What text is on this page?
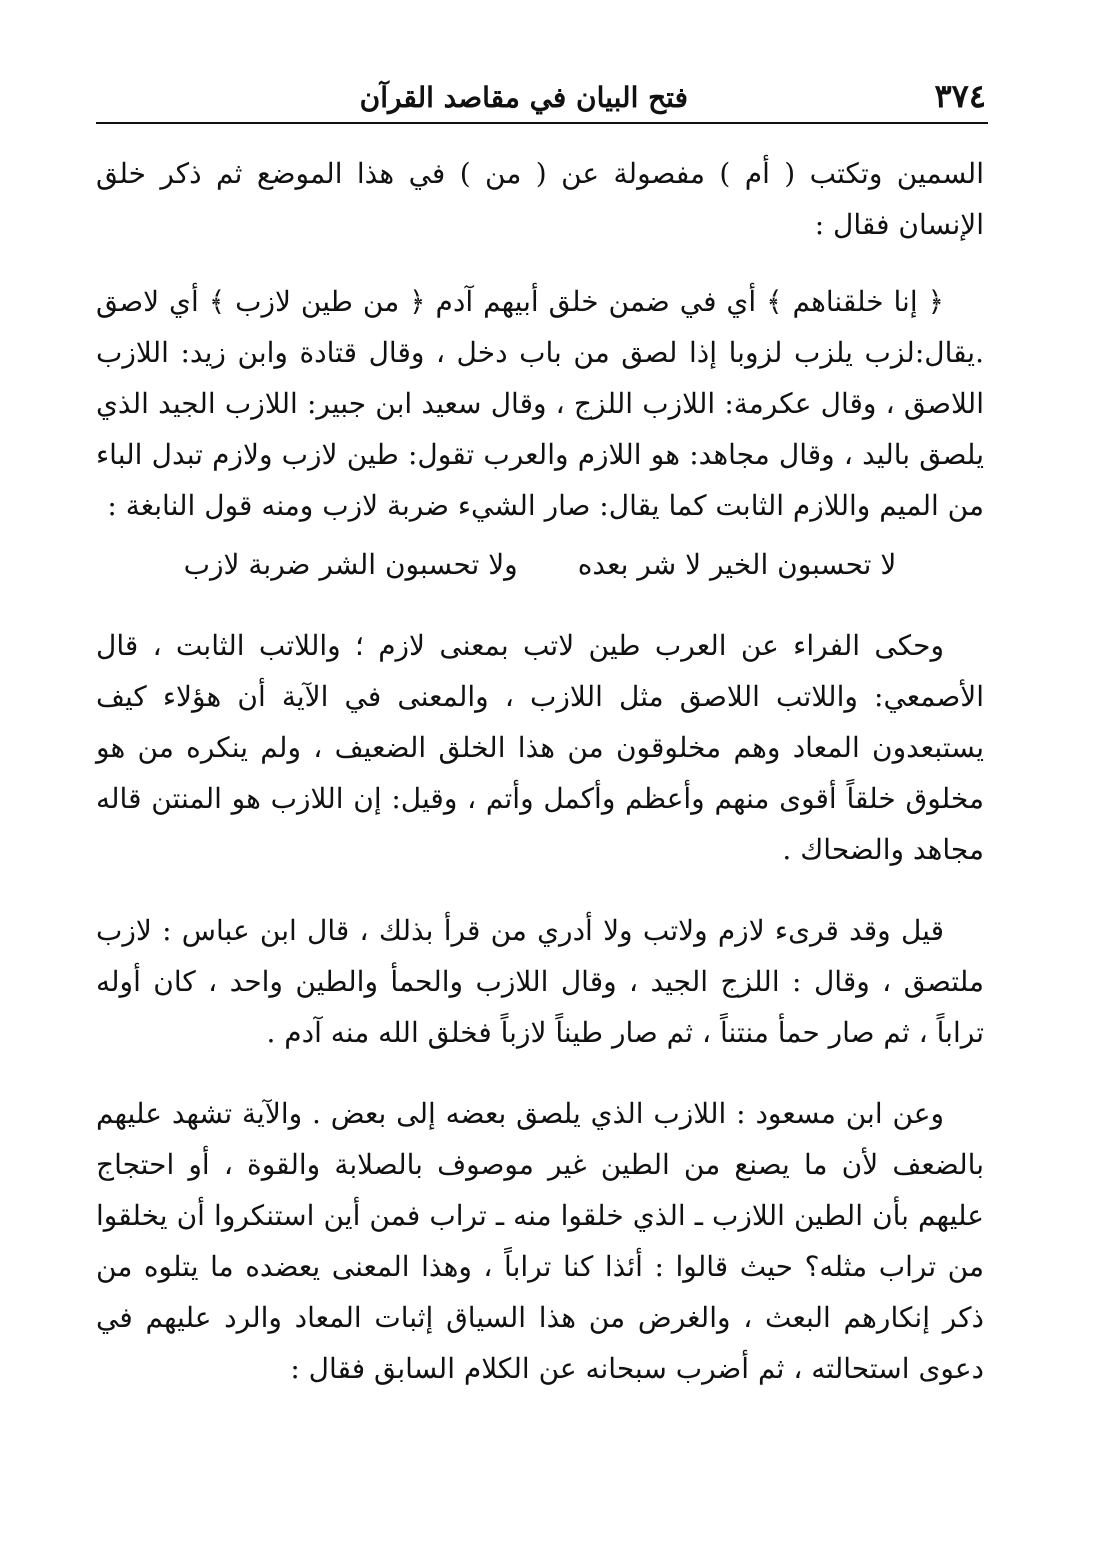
٣٧٤
فتح البيان في مقاصد القرآن

السمين وتكتب ( أم ) مفصولة عن ( من ) في هذا الموضع ثم ذكر خلق الإنسان فقال :

﴿ إنا خلقناهم ﴾ أي في ضمن خلق أبيهم آدم ﴿ من طين لازب ﴾ أي لاصق .يقال:لزب يلزب لزوبا إذا لصق من باب دخل ، وقال قتادة وابن زيد: اللازب اللاصق ، وقال عكرمة: اللازب اللزج ، وقال سعيد ابن جبير: اللازب الجيد الذي يلصق باليد ، وقال مجاهد: هو اللازم والعرب تقول: طين لازب ولازم تبدل الباء من الميم واللازم الثابت كما يقال: صار الشيء ضربة لازب ومنه قول النابغة :

لا تحسبون الخير لا شر بعدهولا تحسبون الشر ضربة لازب

وحكى الفراء عن العرب طين لاتب بمعنى لازم ؛ واللاتب الثابت ، قال الأصمعي: واللاتب اللاصق مثل اللازب ، والمعنى في الآية أن هؤلاء كيف يستبعدون المعاد وهم مخلوقون من هذا الخلق الضعيف ، ولم ينكره من هو مخلوق خلقاً أقوى منهم وأعظم وأكمل وأتم ، وقيل: إن اللازب هو المنتن قاله مجاهد والضحاك .

قيل وقد قرىء لازم ولاتب ولا أدري من قرأ بذلك ، قال ابن عباس : لازب ملتصق ، وقال : اللزج الجيد ، وقال اللازب والحمأ والطين واحد ، كان أوله تراباً ، ثم صار حمأ منتناً ، ثم صار طيناً لازباً فخلق الله منه آدم .

وعن ابن مسعود : اللازب الذي يلصق بعضه إلى بعض . والآية تشهد عليهم بالضعف لأن ما يصنع من الطين غير موصوف بالصلابة والقوة ، أو احتجاج عليهم بأن الطين اللازب ـ الذي خلقوا منه ـ تراب فمن أين استنكروا أن يخلقوا من تراب مثله؟ حيث قالوا : أئذا كنا تراباً ، وهذا المعنى يعضده ما يتلوه من ذكر إنكارهم البعث ، والغرض من هذا السياق إثبات المعاد والرد عليهم في دعوى استحالته ، ثم أضرب سبحانه عن الكلام السابق فقال :
